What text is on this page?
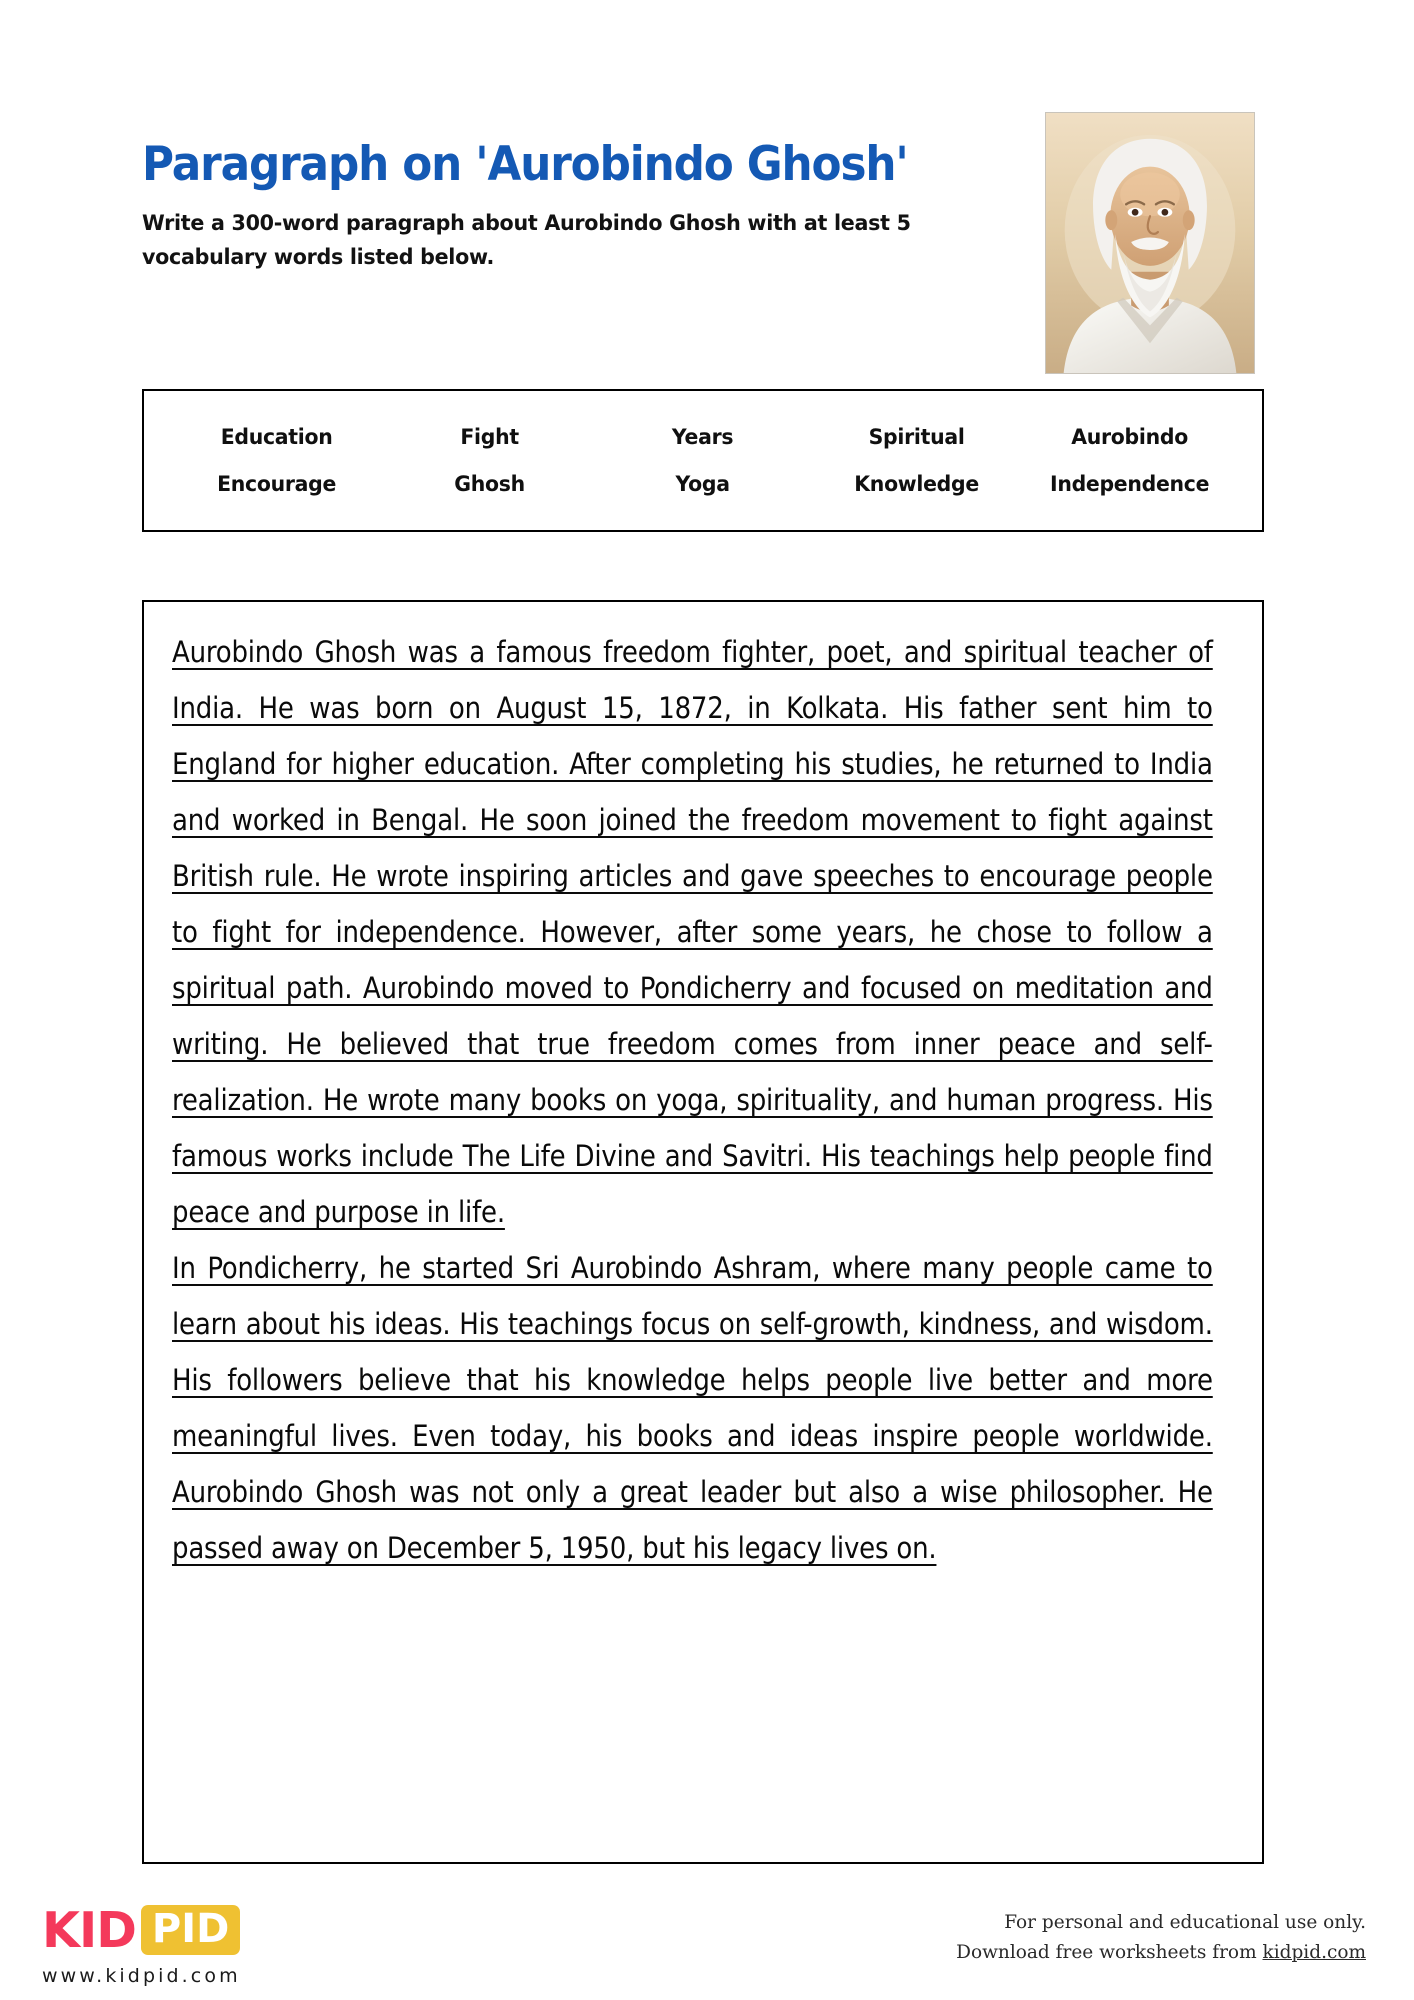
Paragraph on 'Aurobindo Ghosh'
Write a 300-word paragraph about Aurobindo Ghosh with at least 5 vocabulary words listed below.
Education	Fight	Years	Spiritual	Aurobindo
Encourage	Ghosh	Yoga	Knowledge	Independence
Aurobindo Ghosh was a famous freedom fighter, poet, and spiritual teacher of India. He was born on August 15, 1872, in Kolkata. His father sent him to England for higher education. After completing his studies, he returned to India and worked in Bengal. He soon joined the freedom movement to fight against British rule. He wrote inspiring articles and gave speeches to encourage people to fight for independence. However, after some years, he chose to follow a spiritual path. Aurobindo moved to Pondicherry and focused on meditation and writing. He believed that true freedom comes from inner peace and self-realization. He wrote many books on yoga, spirituality, and human progress. His famous works include The Life Divine and Savitri. His teachings help people find peace and purpose in life.
In Pondicherry, he started Sri Aurobindo Ashram, where many people came to learn about his ideas. His teachings focus on self-growth, kindness, and wisdom. His followers believe that his knowledge helps people live better and more meaningful lives. Even today, his books and ideas inspire people worldwide. Aurobindo Ghosh was not only a great leader but also a wise philosopher. He passed away on December 5, 1950, but his legacy lives on.
KID PID
www.kidpid.com
For personal and educational use only.
Download free worksheets from kidpid.com
